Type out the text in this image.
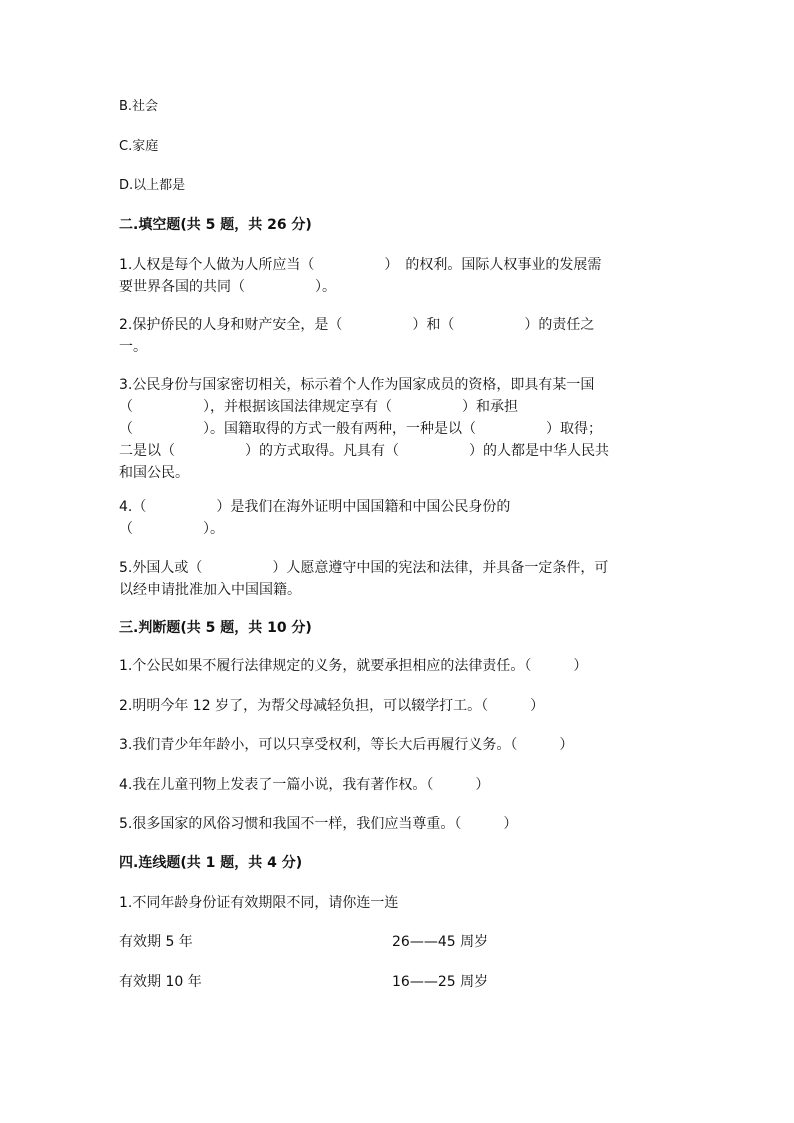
B.社会

C.家庭

D.以上都是

二.填空题(共 5 题，共 26 分)

1.人权是每个人做为人所应当（　　　　　）　的权利。国际人权事业的发展需
要世界各国的共同（　　　　　）。
2.保护侨民的人身和财产安全，是（　　　　　）和（　　　　　）的责任之
一。
3.公民身份与国家密切相关，标示着个人作为国家成员的资格，即具有某一国
（　　　　　），并根据该国法律规定享有（　　　　　）和承担
（　　　　　）。国籍取得的方式一般有两种，一种是以（　　　　　）取得；
二是以（　　　　　）的方式取得。凡具有（　　　　　）的人都是中华人民共
和国公民。
4.（　　　　　）是我们在海外证明中国国籍和中国公民身份的
（　　　　　）。
5.外国人或（　　　　　）人愿意遵守中国的宪法和法律，并具备一定条件，可
以经申请批准加入中国国籍。

三.判断题(共 5 题，共 10 分)

1.个公民如果不履行法律规定的义务，就要承担相应的法律责任。（　　　）

2.明明今年 12 岁了，为帮父母减轻负担，可以辍学打工。（　　　）

3.我们青少年年龄小，可以只享受权利，等长大后再履行义务。（　　　）

4.我在儿童刊物上发表了一篇小说，我有著作权。（　　　）

5.很多国家的风俗习惯和我国不一样，我们应当尊重。（　　　）

四.连线题(共 1 题，共 4 分)

1.不同年龄身份证有效期限不同，请你连一连

有效期 5 年	26——45 周岁

有效期 10 年	16——25 周岁
